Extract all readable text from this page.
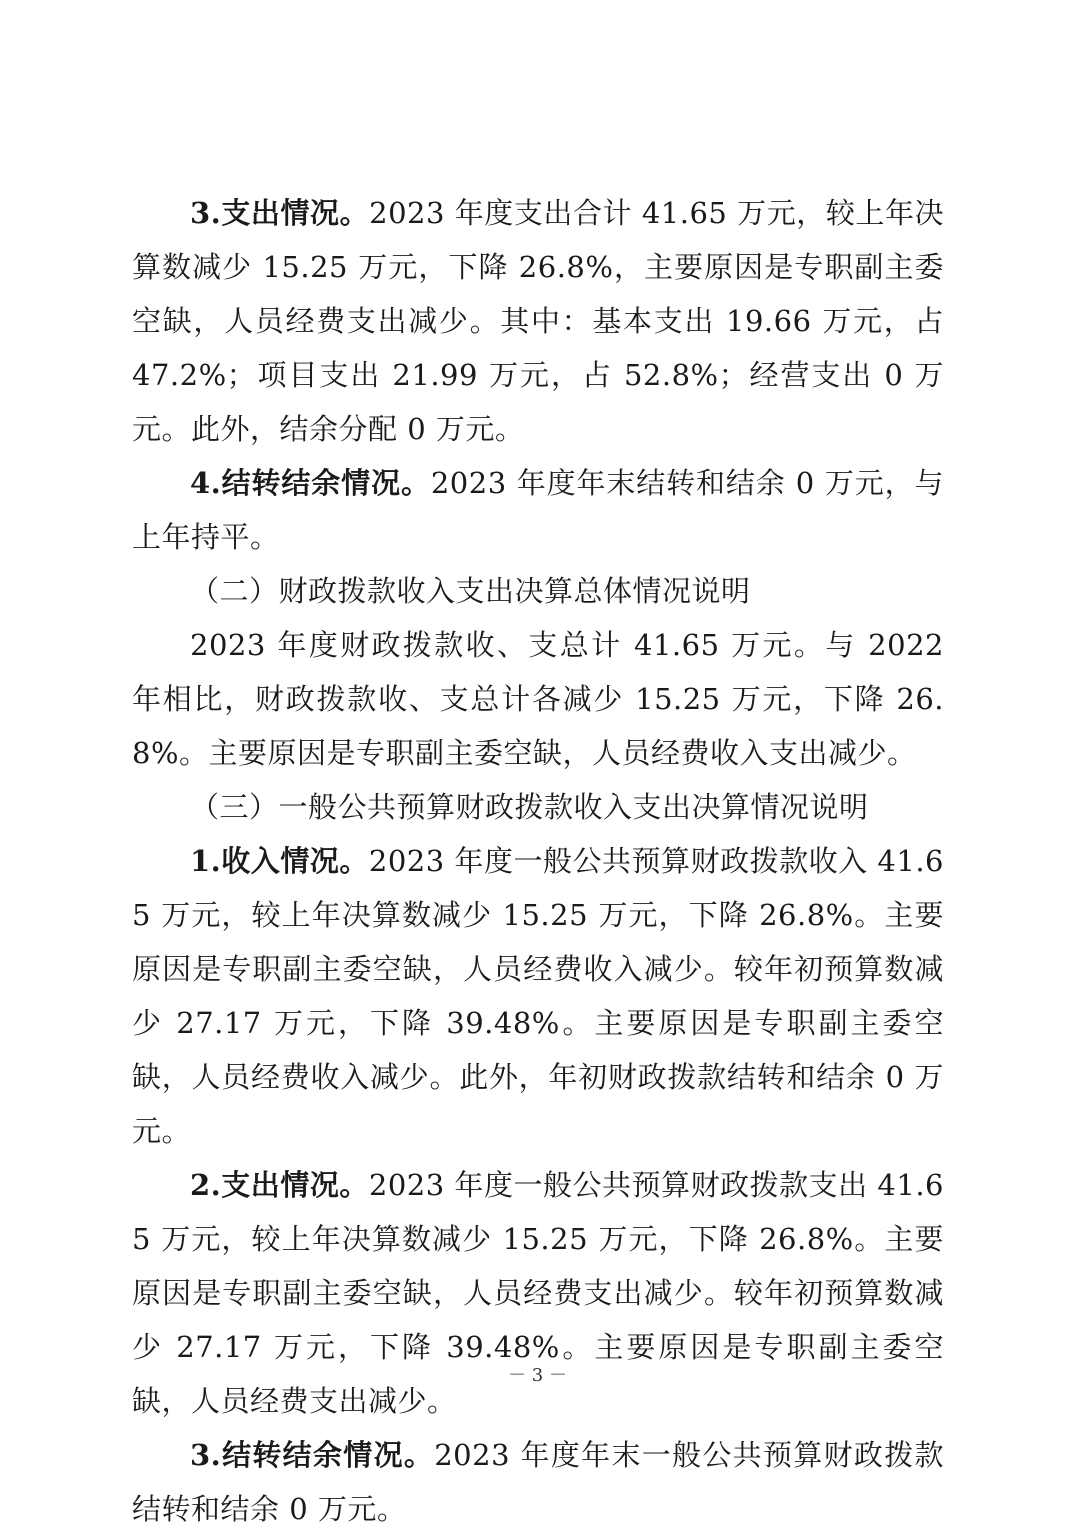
3.支出情况。2023 年度支出合计 41.65 万元，较上年决算数减少 15.25 万元，下降 26.8%，主要原因是专职副主委空缺，人员经费支出减少。其中：基本支出 19.66 万元，占 47.2%；项目支出 21.99 万元，占 52.8%；经营支出 0 万元。此外，结余分配 0 万元。

4.结转结余情况。2023 年度年末结转和结余 0 万元，与上年持平。

（二）财政拨款收入支出决算总体情况说明

2023 年度财政拨款收、支总计 41.65 万元。与 2022 年相比，财政拨款收、支总计各减少 15.25 万元，下降 26.8%。主要原因是专职副主委空缺，人员经费收入支出减少。

（三）一般公共预算财政拨款收入支出决算情况说明

1.收入情况。2023 年度一般公共预算财政拨款收入 41.65 万元，较上年决算数减少 15.25 万元，下降 26.8%。主要原因是专职副主委空缺，人员经费收入减少。较年初预算数减少 27.17 万元，下降 39.48%。主要原因是专职副主委空缺，人员经费收入减少。此外，年初财政拨款结转和结余 0 万元。

2.支出情况。2023 年度一般公共预算财政拨款支出 41.65 万元，较上年决算数减少 15.25 万元，下降 26.8%。主要原因是专职副主委空缺，人员经费支出减少。较年初预算数减少 27.17 万元，下降 39.48%。主要原因是专职副主委空缺，人员经费支出减少。

3.结转结余情况。2023 年度年末一般公共预算财政拨款结转和结余 0 万元。

－ 3 －
